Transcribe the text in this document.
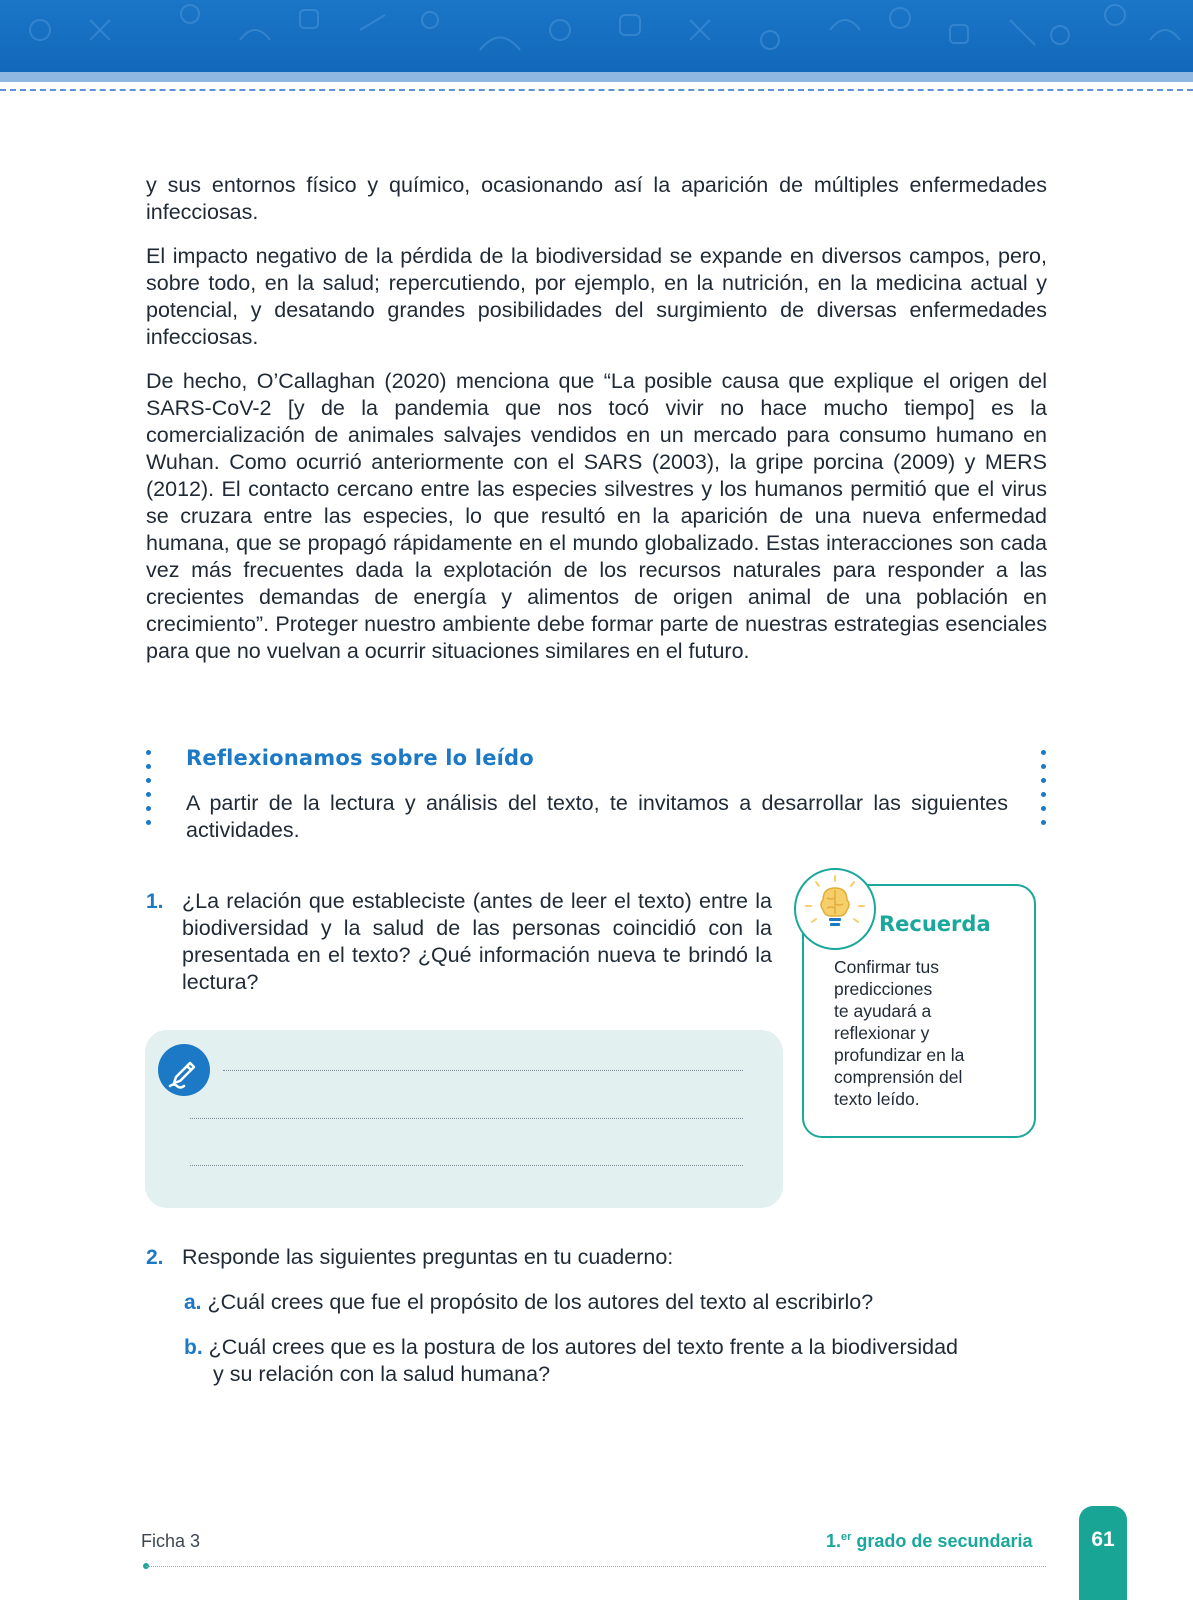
y sus entornos físico y químico, ocasionando así la aparición de múltiples enfermedades infecciosas.

El impacto negativo de la pérdida de la biodiversidad se expande en diversos campos, pero, sobre todo, en la salud; repercutiendo, por ejemplo, en la nutrición, en la medicina actual y potencial, y desatando grandes posibilidades del surgimiento de diversas enfermedades infecciosas.

De hecho, O’Callaghan (2020) menciona que “La posible causa que explique el origen del SARS-CoV-2 [y de la pandemia que nos tocó vivir no hace mucho tiempo] es la comercialización de animales salvajes vendidos en un mercado para consumo humano en Wuhan. Como ocurrió anteriormente con el SARS (2003), la gripe porcina (2009) y MERS (2012). El contacto cercano entre las especies silvestres y los humanos permitió que el virus se cruzara entre las especies, lo que resultó en la aparición de una nueva enfermedad humana, que se propagó rápidamente en el mundo globalizado. Estas interacciones son cada vez más frecuentes dada la explotación de los recursos naturales para responder a las crecientes demandas de energía y alimentos de origen animal de una población en crecimiento”. Proteger nuestro ambiente debe formar parte de nuestras estrategias esenciales para que no vuelvan a ocurrir situaciones similares en el futuro.

Reflexionamos sobre lo leído
A partir de la lectura y análisis del texto, te invitamos a desarrollar las siguientes actividades.
1. ¿La relación que estableciste (antes de leer el texto) entre la biodiversidad y la salud de las personas coincidió con la presentada en el texto? ¿Qué información nueva te brindó la lectura?
Recuerda
Confirmar tus
predicciones
te ayudará a
reflexionar y
profundizar en la
comprensión del
texto leído.
2. Responde las siguientes preguntas en tu cuaderno:
a. ¿Cuál crees que fue el propósito de los autores del texto al escribirlo?
b. ¿Cuál crees que es la postura de los autores del texto frente a la biodiversidad
y su relación con la salud humana?
Ficha 3	1.$^{er}$ grado de secundaria	61
